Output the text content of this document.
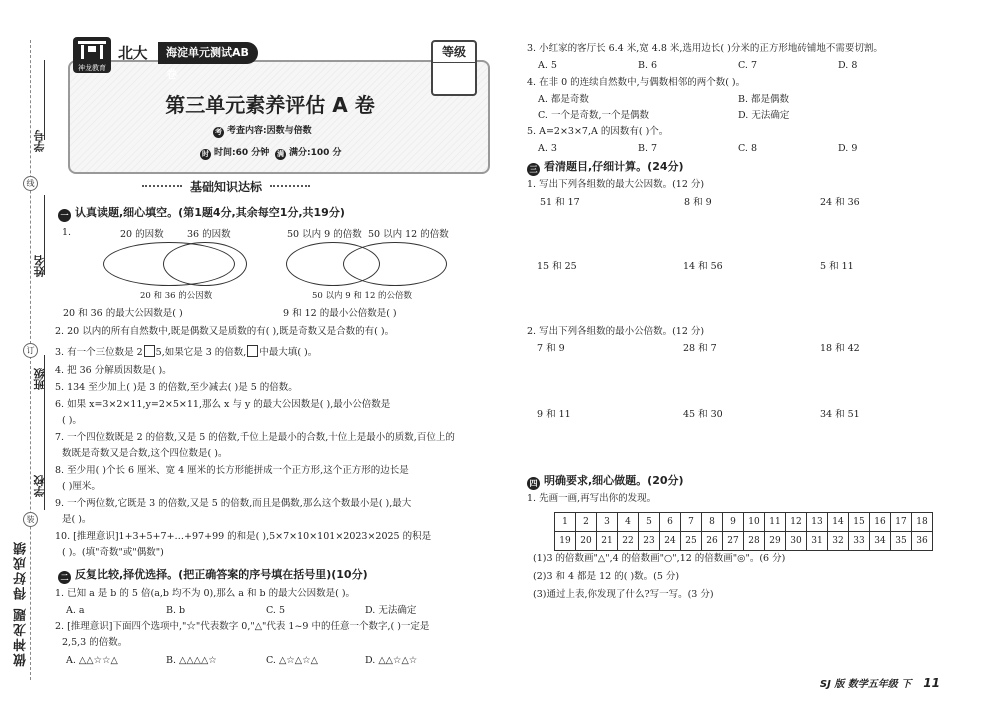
学号
线
姓名
订
班级
学校
装
做神龙题 得好成绩
神龙教育
北大	海淀单元测试AB卷
等级
第三单元素养评估 A 卷
考 考查内容:因数与倍数
时 时间:60 分钟 满 满分:100 分
基础知识达标
一 认真读题,细心填空。(第1题4分,其余每空1分,共19分)
1.	20 的因数 36 的因数
20 和 36 的公因数
20 和 36 的最大公因数是( )
50 以内 9 的倍数 50 以内 12 的倍数
50 以内 9 和 12 的公倍数
9 和 12 的最小公倍数是( )
2. 20 以内的所有自然数中,既是偶数又是质数的有( ),既是奇数又是合数的有( )。
3. 有一个三位数是 2 5,如果它是 3 的倍数, 中最大填( )。
4. 把 36 分解质因数是( )。
5. 134 至少加上( )是 3 的倍数,至少减去( )是 5 的倍数。
6. 如果 x=3×2×11,y=2×5×11,那么 x 与 y 的最大公因数是( ),最小公倍数是
( )。
7. 一个四位数既是 2 的倍数,又是 5 的倍数,千位上是最小的合数,十位上是最小的质数,百位上的
数既是奇数又是合数,这个四位数是( )。
8. 至少用( )个长 6 厘米、宽 4 厘米的长方形能拼成一个正方形,这个正方形的边长是
( )厘米。
9. 一个两位数,它既是 3 的倍数,又是 5 的倍数,而且是偶数,那么这个数最小是( ),最大
是( )。
10. [推理意识]1+3+5+7+…+97+99 的和是( ),5×7×10×101×2023×2025 的积是
( )。(填"奇数"或"偶数")
二 反复比较,择优选择。(把正确答案的序号填在括号里)(10分)
1. 已知 a 是 b 的 5 倍(a,b 均不为 0),那么 a 和 b 的最大公因数是( )。
A. a	B. b	C. 5	D. 无法确定
2. [推理意识]下面四个选项中,"☆"代表数字 0,"△"代表 1~9 中的任意一个数字,( )一定是
2,5,3 的倍数。
A. △△☆☆△	B. △△△△☆	C. △☆△☆△	D. △△☆△☆
3. 小红家的客厅长 6.4 米,宽 4.8 米,选用边长( )分米的正方形地砖铺地不需要切割。
A. 5	B. 6	C. 7	D. 8
4. 在非 0 的连续自然数中,与偶数相邻的两个数( )。
A. 都是奇数	B. 都是偶数
C. 一个是奇数,一个是偶数	D. 无法确定
5. A=2×3×7,A 的因数有( )个。
A. 3	B. 7	C. 8	D. 9
三 看清题目,仔细计算。(24分)
1. 写出下列各组数的最大公因数。(12 分)
51 和 17	8 和 9	24 和 36
15 和 25	14 和 56	5 和 11
2. 写出下列各组数的最小公倍数。(12 分)
7 和 9	28 和 7	18 和 42
9 和 11	45 和 30	34 和 51
四 明确要求,细心做题。(20分)
1. 先画一画,再写出你的发现。
1	2	3	4	5	6	7	8	9	10	11	12	13	14	15	16	17	18
19	20	21	22	23	24	25	26	27	28	29	30	31	32	33	34	35	36
(1)3 的倍数画"△",4 的倍数画"○",12 的倍数画"◎"。(6 分)
(2)3 和 4 都是 12 的( )数。(5 分)
(3)通过上表,你发现了什么?写一写。(3 分)
SJ 版 数学五年级 下 11
